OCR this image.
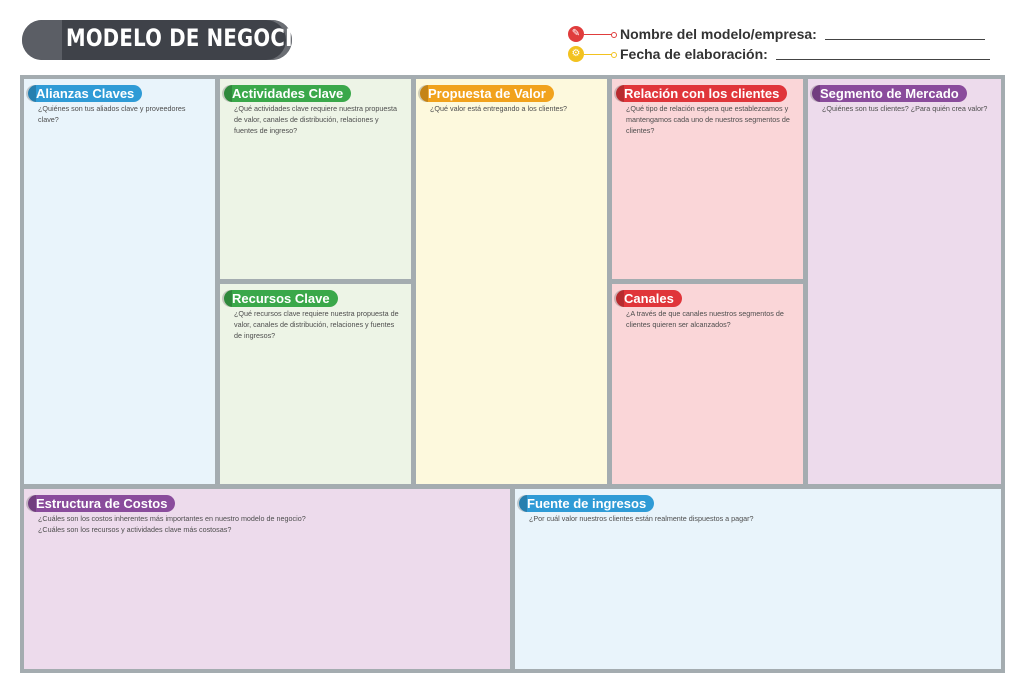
MODELO DE NEGOCIO	✎	Nombre del modelo/empresa:
⚙	Fecha de elaboración:
Alianzas Claves
¿Quiénes son tus aliados clave y proveedores clave?
Actividades Clave
¿Qué actividades clave requiere nuestra propuesta de valor, canales de distribución, relaciones y fuentes de ingreso?
Recursos Clave
¿Qué recursos clave requiere nuestra propuesta de valor, canales de distribución, relaciones y fuentes de ingresos?
Propuesta de Valor
¿Qué valor está entregando a los clientes?
Relación con los clientes
¿Qué tipo de relación espera que establezcamos y mantengamos cada uno de nuestros segmentos de clientes?
Canales
¿A través de que canales nuestros segmentos de clientes quieren ser alcanzados?
Segmento de Mercado
¿Quiénes son tus clientes? ¿Para quién crea valor?
Estructura de Costos
¿Cuáles son los costos inherentes más importantes en nuestro modelo de negocio?
¿Cuáles son los recursos y actividades clave más costosas?
Fuente de ingresos
¿Por cuál valor nuestros clientes están realmente dispuestos a pagar?
